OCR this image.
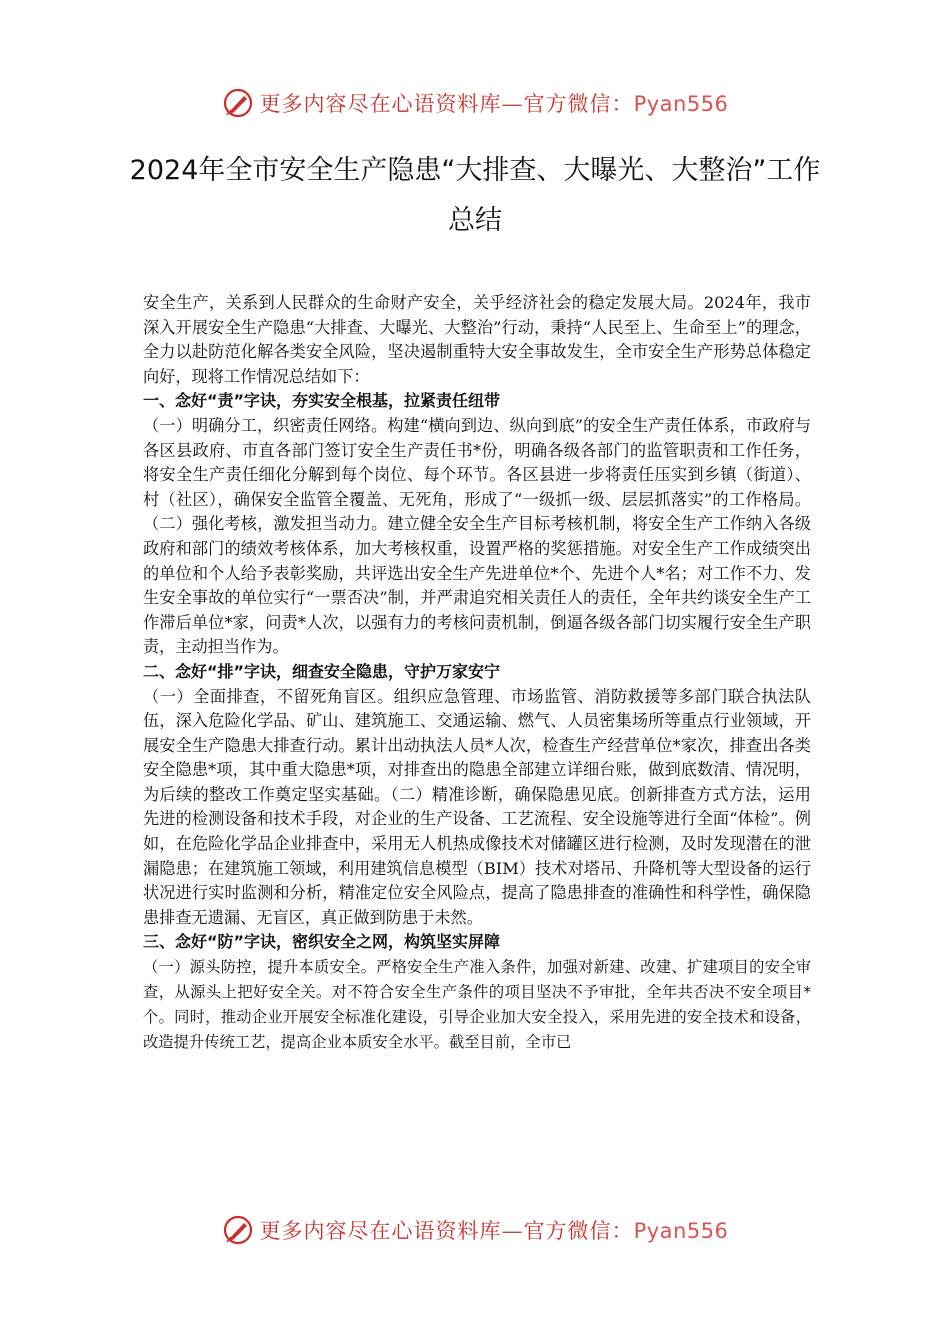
更多内容尽在心语资料库—官方微信：Pyan556
2024年全市安全生产隐患“大排查、大曝光、大整治”工作总结

安全生产，关系到人民群众的生命财产安全，关乎经济社会的稳定发展大局。2024年，我市深入开展安全生产隐患“大排查、大曝光、大整治”行动，秉持“人民至上、生命至上”的理念，全力以赴防范化解各类安全风险，坚决遏制重特大安全事故发生，全市安全生产形势总体稳定向好，现将工作情况总结如下：

一、念好“责”字诀，夯实安全根基，拉紧责任纽带

（一）明确分工，织密责任网络。构建“横向到边、纵向到底”的安全生产责任体系，市政府与各区县政府、市直各部门签订安全生产责任书*份，明确各级各部门的监管职责和工作任务，将安全生产责任细化分解到每个岗位、每个环节。各区县进一步将责任压实到乡镇（街道）、村（社区），确保安全监管全覆盖、无死角，形成了“一级抓一级、层层抓落实”的工作格局。（二）强化考核，激发担当动力。建立健全安全生产目标考核机制，将安全生产工作纳入各级政府和部门的绩效考核体系，加大考核权重，设置严格的奖惩措施。对安全生产工作成绩突出的单位和个人给予表彰奖励，共评选出安全生产先进单位*个、先进个人*名；对工作不力、发生安全事故的单位实行“一票否决”制，并严肃追究相关责任人的责任，全年共约谈安全生产工作滞后单位*家，问责*人次，以强有力的考核问责机制，倒逼各级各部门切实履行安全生产职责，主动担当作为。

二、念好“排”字诀，细查安全隐患，守护万家安宁

（一）全面排查，不留死角盲区。组织应急管理、市场监管、消防救援等多部门联合执法队伍，深入危险化学品、矿山、建筑施工、交通运输、燃气、人员密集场所等重点行业领域，开展安全生产隐患大排查行动。累计出动执法人员*人次，检查生产经营单位*家次，排查出各类安全隐患*项，其中重大隐患*项，对排查出的隐患全部建立详细台账，做到底数清、情况明，为后续的整改工作奠定坚实基础。（二）精准诊断，确保隐患见底。创新排查方式方法，运用先进的检测设备和技术手段，对企业的生产设备、工艺流程、安全设施等进行全面“体检”。例如，在危险化学品企业排查中，采用无人机热成像技术对储罐区进行检测，及时发现潜在的泄漏隐患；在建筑施工领域，利用建筑信息模型（BIM）技术对塔吊、升降机等大型设备的运行状况进行实时监测和分析，精准定位安全风险点，提高了隐患排查的准确性和科学性，确保隐患排查无遗漏、无盲区，真正做到防患于未然。

三、念好“防”字诀，密织安全之网，构筑坚实屏障

（一）源头防控，提升本质安全。严格安全生产准入条件，加强对新建、改建、扩建项目的安全审查，从源头上把好安全关。对不符合安全生产条件的项目坚决不予审批，全年共否决不安全项目*个。同时，推动企业开展安全标准化建设，引导企业加大安全投入，采用先进的安全技术和设备，改造提升传统工艺，提高企业本质安全水平。截至目前，全市已

更多内容尽在心语资料库—官方微信：Pyan556
